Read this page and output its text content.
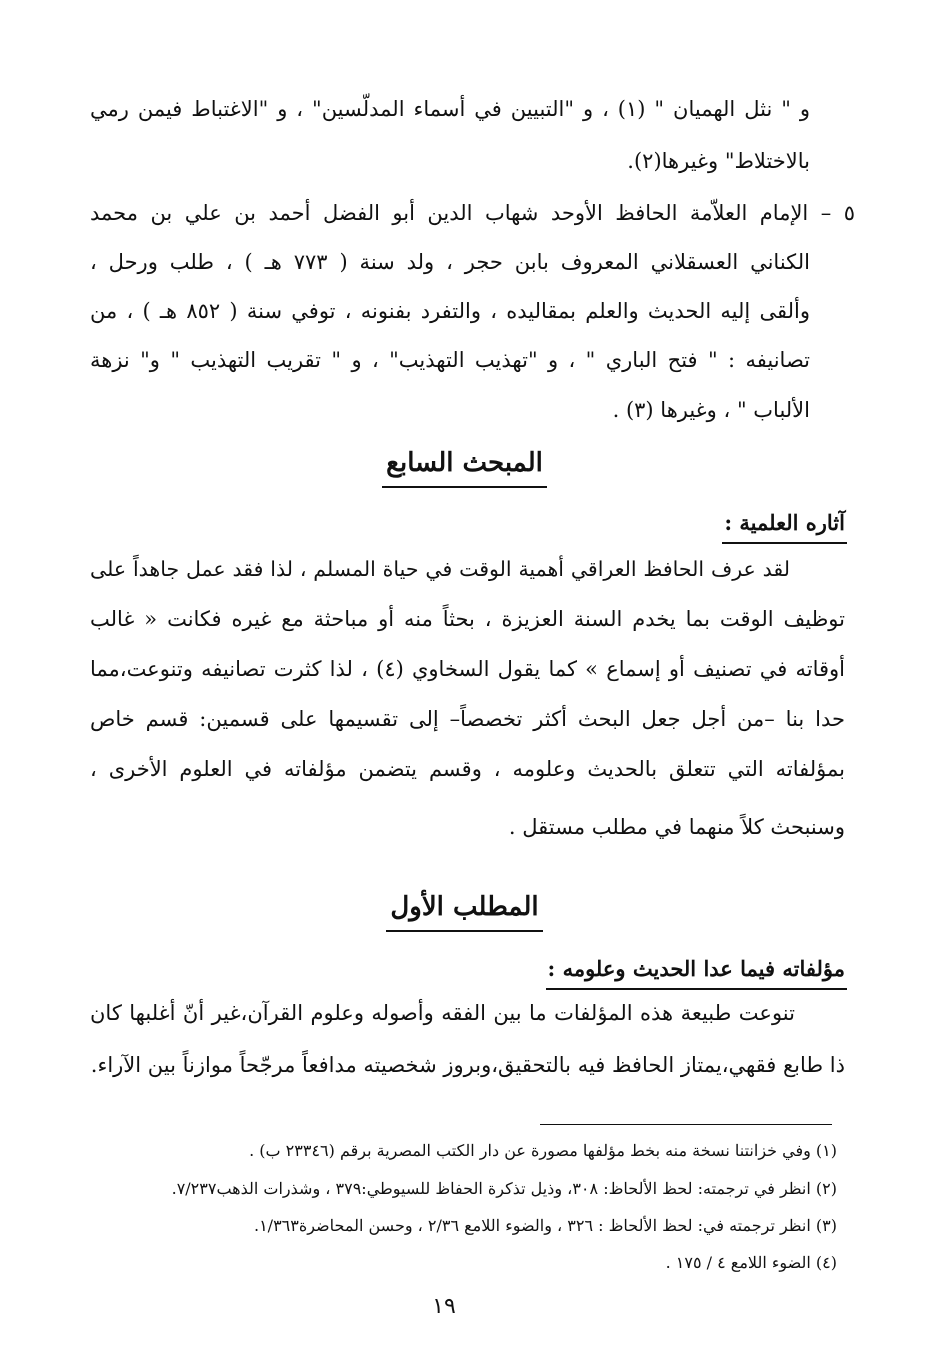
و " نثل الهميان " (١) ، و "التبيين في أسماء المدلّسين" ، و "الاغتباط فيمن رمي
بالاختلاط" وغيرها(٢).
٥ – الإمام العلاّمة الحافظ الأوحد شهاب الدين أبو الفضل أحمد بن علي بن محمد
الكناني العسقلاني المعروف بابن حجر ، ولد سنة ( ٧٧٣ هـ ) ، طلب ورحل ،
وألقى إليه الحديث والعلم بمقاليده ، والتفرد بفنونه ، توفي سنة ( ٨٥٢ هـ ) ، من
تصانيفه : " فتح الباري " ، و "تهذيب التهذيب" ، و " تقريب التهذيب " و" نزهة
الألباب " ، وغيرها (٣) .
المبحث السابع
آثاره العلمية :
لقد عرف الحافظ العراقي أهمية الوقت في حياة المسلم ، لذا فقد عمل جاهداً على
توظيف الوقت بما يخدم السنة العزيزة ، بحثاً منه أو مباحثة مع غيره فكانت « غالب
أوقاته في تصنيف أو إسماع » كما يقول السخاوي (٤) ، لذا كثرت تصانيفه وتنوعت،مما
حدا بنا –من أجل جعل البحث أكثر تخصصاً– إلى تقسيمها على قسمين: قسم خاص
بمؤلفاته التي تتعلق بالحديث وعلومه ، وقسم يتضمن مؤلفاته في العلوم الأخرى ،
وسنبحث كلاً منهما في مطلب مستقل .
المطلب الأول
مؤلفاته فيما عدا الحديث وعلومه :
تنوعت طبيعة هذه المؤلفات ما بين الفقه وأصوله وعلوم القرآن،غير أنّ أغلبها كان
ذا طابع فقهي،يمتاز الحافظ فيه بالتحقيق،وبروز شخصيته مدافعاً مرجّحاً موازناً بين الآراء.
(١) وفي خزانتنا نسخة منه بخط مؤلفها مصورة عن دار الكتب المصرية برقم (٢٣٣٤٦ ب) .
(٢) انظر في ترجمته: لحظ الألحاظ: ٣٠٨، وذيل تذكرة الحفاظ للسيوطي:٣٧٩ ، وشذرات الذهب٧/٢٣٧.
(٣) انظر ترجمته في: لحظ الألحاظ : ٣٢٦ ، والضوء اللامع ٢/٣٦ ، وحسن المحاضرة١/٣٦٣.
(٤) الضوء اللامع ٤ / ١٧٥ .
١٩
